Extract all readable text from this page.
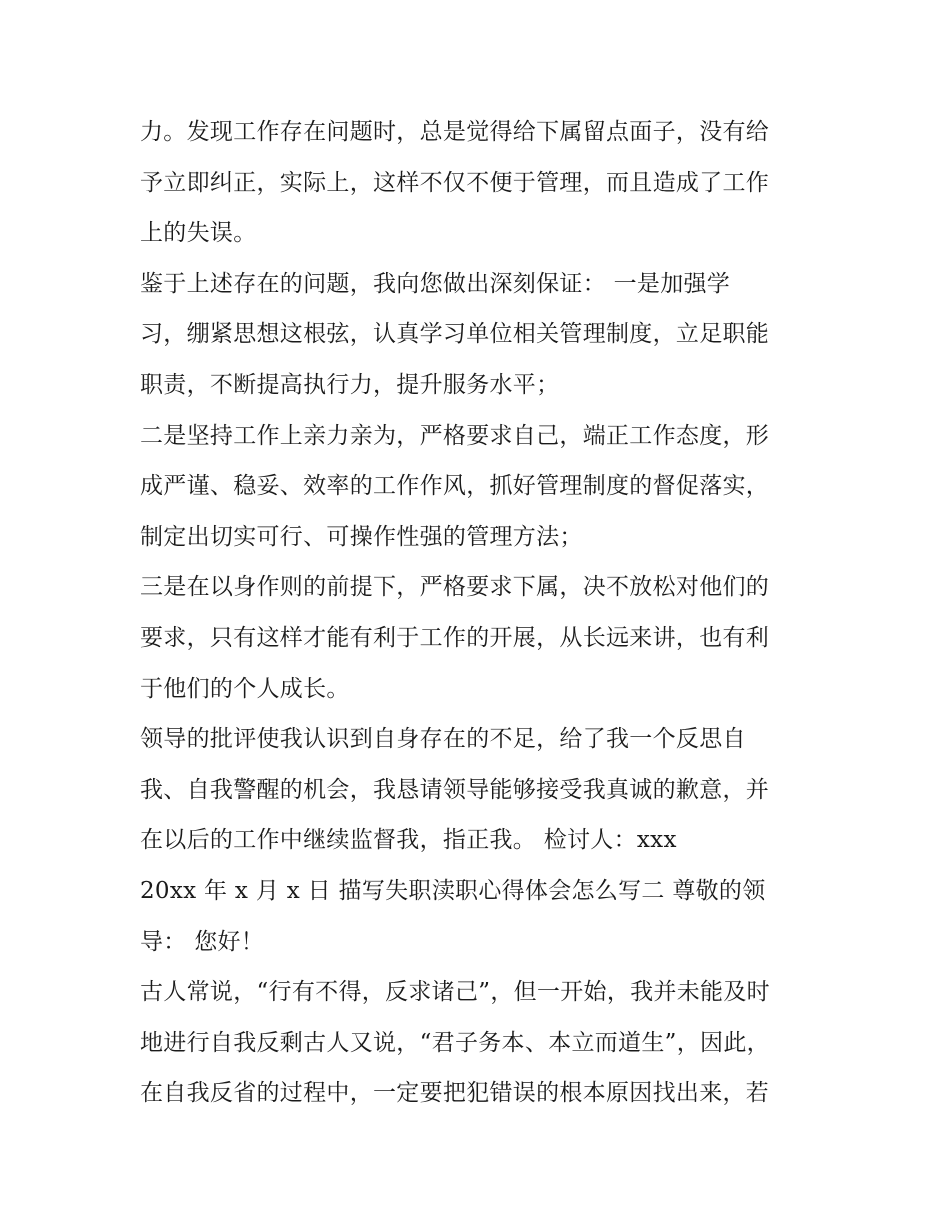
力。发现工作存在问题时，总是觉得给下属留点面子，没有给
予立即纠正，实际上，这样不仅不便于管理，而且造成了工作
上的失误。
鉴于上述存在的问题，我向您做出深刻保证： 一是加强学
习，绷紧思想这根弦，认真学习单位相关管理制度，立足职能
职责，不断提高执行力，提升服务水平；
二是坚持工作上亲力亲为，严格要求自己，端正工作态度，形
成严谨、稳妥、效率的工作作风，抓好管理制度的督促落实，
制定出切实可行、可操作性强的管理方法；
三是在以身作则的前提下，严格要求下属，决不放松对他们的
要求，只有这样才能有利于工作的开展，从长远来讲，也有利
于他们的个人成长。
领导的批评使我认识到自身存在的不足，给了我一个反思自
我、自我警醒的机会，我恳请领导能够接受我真诚的歉意，并
在以后的工作中继续监督我，指正我。 检讨人：xxx
20xx 年 x 月 x 日 描写失职渎职心得体会怎么写二 尊敬的领
导： 您好！
古人常说，“行有不得，反求诸己”，但一开始，我并未能及时
地进行自我反剩古人又说，“君子务本、本立而道生”，因此，
在自我反省的过程中，一定要把犯错误的根本原因找出来，若
